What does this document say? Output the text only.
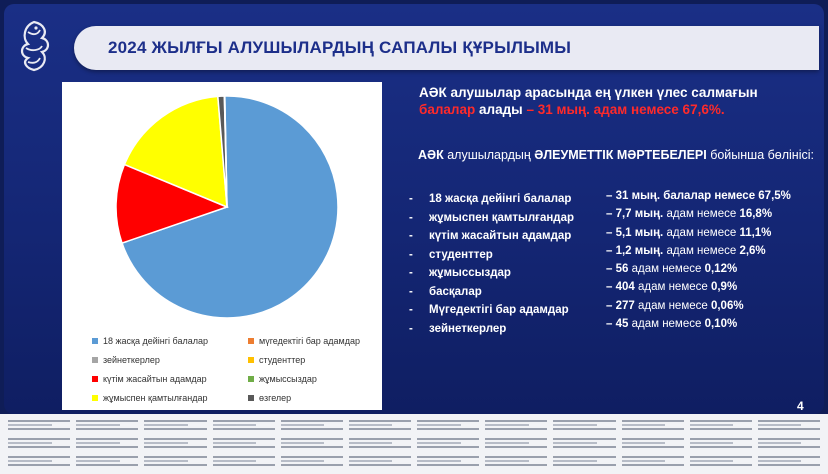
2024 ЖЫЛҒЫ АЛУШЫЛАРДЫҢ САПАЛЫ ҚҰРЫЛЫМЫ
18 жасқа дейінгі балалар	мүгедектігі бар адамдар
зейнеткерлер	студенттер
күтім жасайтын адамдар	жұмыссыздар
жұмыспен қамтылғандар	өзгелер
АӘК алушылар арасында ең үлкен үлес салмағын
балалар алады – 31 мың. адам немесе 67,6%.
АӘК алушылардың ӘЛЕУМЕТТІК МӘРТЕБЕЛЕРІ бойынша бөлінісі:
-	18 жасқа дейінгі балалар
-	жұмыспен қамтылғандар
-	күтім жасайтын адамдар
-	студенттер
-	жұмыссыздар
-	басқалар
-	Мүгедектігі бар адамдар
-	зейнеткерлер
– 31 мың. балалар немесе 67,5%
– 7,7 мың. адам немесе 16,8%
– 5,1 мың. адам немесе 11,1%
– 1,2 мың. адам немесе 2,6%
– 56 адам немесе 0,12%
– 404 адам немесе 0,9%
– 277 адам немесе 0,06%
– 45 адам немесе 0,10%
4
